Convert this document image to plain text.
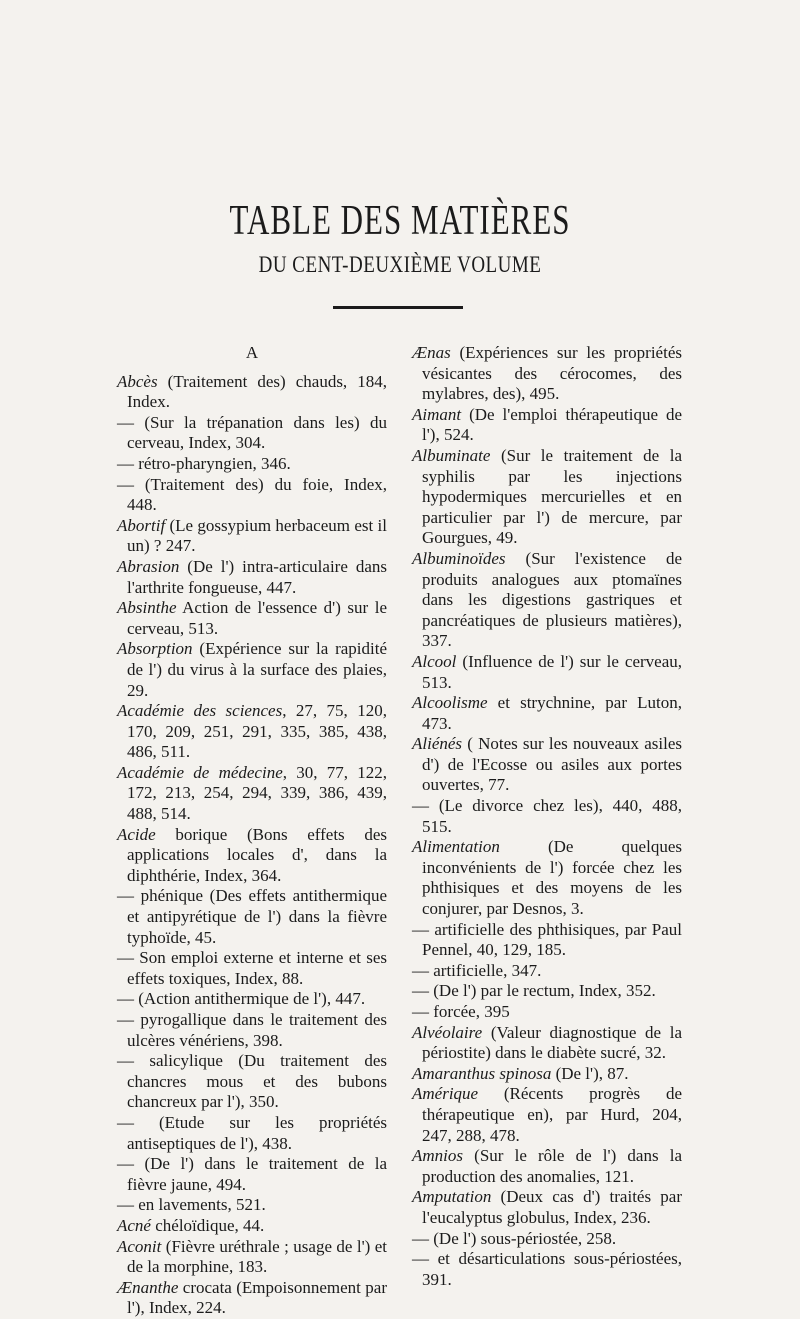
TABLE DES MATIÈRES
DU CENT-DEUXIÈME VOLUME

A

Abcès (Traitement des) chauds, 184, Index.

— (Sur la trépanation dans les) du cerveau, Index, 304.

— rétro-pharyngien, 346.

— (Traitement des) du foie, Index, 448.

Abortif (Le gossypium herbaceum est il un) ? 247.

Abrasion (De l') intra-articulaire dans l'arthrite fongueuse, 447.

Absinthe Action de l'essence d') sur le cerveau, 513.

Absorption (Expérience sur la rapidité de l') du virus à la surface des plaies, 29.

Académie des sciences, 27, 75, 120, 170, 209, 251, 291, 335, 385, 438, 486, 511.

Académie de médecine, 30, 77, 122, 172, 213, 254, 294, 339, 386, 439, 488, 514.

Acide borique (Bons effets des applications locales d', dans la diphthérie, Index, 364.

— phénique (Des effets antithermique et antipyrétique de l') dans la fièvre typhoïde, 45.

— Son emploi externe et interne et ses effets toxiques, Index, 88.

— (Action antithermique de l'), 447.

— pyrogallique dans le traitement des ulcères vénériens, 398.

— salicylique (Du traitement des chancres mous et des bubons chancreux par l'), 350.

— (Etude sur les propriétés antiseptiques de l'), 438.

— (De l') dans le traitement de la fièvre jaune, 494.

— en lavements, 521.

Acné chéloïdique, 44.

Aconit (Fièvre uréthrale ; usage de l') et de la morphine, 183.

Ænanthe crocata (Empoisonnement par l'), Index, 224.

Ænas (Expériences sur les propriétés vésicantes des cérocomes, des mylabres, des), 495.

Aimant (De l'emploi thérapeutique de l'), 524.

Albuminate (Sur le traitement de la syphilis par les injections hypodermiques mercurielles et en particulier par l') de mercure, par Gourgues, 49.

Albuminoïdes (Sur l'existence de produits analogues aux ptomaïnes dans les digestions gastriques et pancréatiques de plusieurs matières), 337.

Alcool (Influence de l') sur le cerveau, 513.

Alcoolisme et strychnine, par Luton, 473.

Aliénés ( Notes sur les nouveaux asiles d') de l'Ecosse ou asiles aux portes ouvertes, 77.

— (Le divorce chez les), 440, 488, 515.

Alimentation (De quelques inconvénients de l') forcée chez les phthisiques et des moyens de les conjurer, par Desnos, 3.

— artificielle des phthisiques, par Paul Pennel, 40, 129, 185.

— artificielle, 347.

— (De l') par le rectum, Index, 352.

— forcée, 395

Alvéolaire (Valeur diagnostique de la périostite) dans le diabète sucré, 32.

Amaranthus spinosa (De l'), 87.

Amérique (Récents progrès de thérapeutique en), par Hurd, 204, 247, 288, 478.

Amnios (Sur le rôle de l') dans la production des anomalies, 121.

Amputation (Deux cas d') traités par l'eucalyptus globulus, Index, 236.

— (De l') sous-périostée, 258.

— et désarticulations sous-périostées, 391.
